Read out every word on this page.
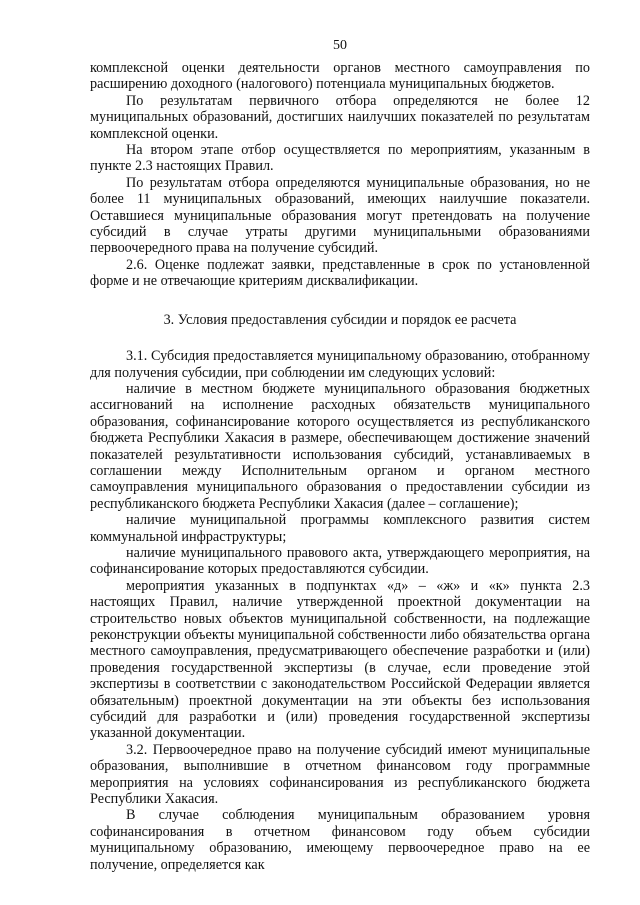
50

комплексной оценки деятельности органов местного самоуправления по расширению доходного (налогового) потенциала муниципальных бюджетов.

По результатам первичного отбора определяются не более 12 муниципальных образований, достигших наилучших показателей по результатам комплексной оценки.

На втором этапе отбор осуществляется по мероприятиям, указанным в пункте 2.3 настоящих Правил.

По результатам отбора определяются муниципальные образования, но не более 11 муниципальных образований, имеющих наилучшие показатели. Оставшиеся муниципальные образования могут претендовать на получение субсидий в случае утраты другими муниципальными образованиями первоочередного права на получение субсидий.

2.6. Оценке подлежат заявки, представленные в срок по установленной форме и не отвечающие критериям дисквалификации.

3. Условия предоставления субсидии и порядок ее расчета

3.1. Субсидия предоставляется муниципальному образованию, отобранному для получения субсидии, при соблюдении им следующих условий:

наличие в местном бюджете муниципального образования бюджетных ассигнований на исполнение расходных обязательств муниципального образования, софинансирование которого осуществляется из республиканского бюджета Республики Хакасия в размере, обеспечивающем достижение значений показателей результативности использования субсидий, устанавливаемых в соглашении между Исполнительным органом и органом местного самоуправления муниципального образования о предоставлении субсидии из республиканского бюджета Республики Хакасия (далее – соглашение);

наличие муниципальной программы комплексного развития систем коммунальной инфраструктуры;

наличие муниципального правового акта, утверждающего мероприятия, на софинансирование которых предоставляются субсидии.

мероприятия указанных в подпунктах «д» – «ж» и «к» пункта 2.3 настоящих Правил, наличие утвержденной проектной документации на строительство новых объектов муниципальной собственности, на подлежащие реконструкции объекты муниципальной собственности либо обязательства органа местного самоуправления, предусматривающего обеспечение разработки и (или) проведения государственной экспертизы (в случае, если проведение этой экспертизы в соответствии с законодательством Российской Федерации является обязательным) проектной документации на эти объекты без использования субсидий для разработки и (или) проведения государственной экспертизы указанной документации.

3.2. Первоочередное право на получение субсидий имеют муниципальные образования, выполнившие в отчетном финансовом году программные мероприятия на условиях софинансирования из республиканского бюджета Республики Хакасия.

В случае соблюдения муниципальным образованием уровня софинансирования в отчетном финансовом году объем субсидии муниципальному образованию, имеющему первоочередное право на ее получение, определяется как
